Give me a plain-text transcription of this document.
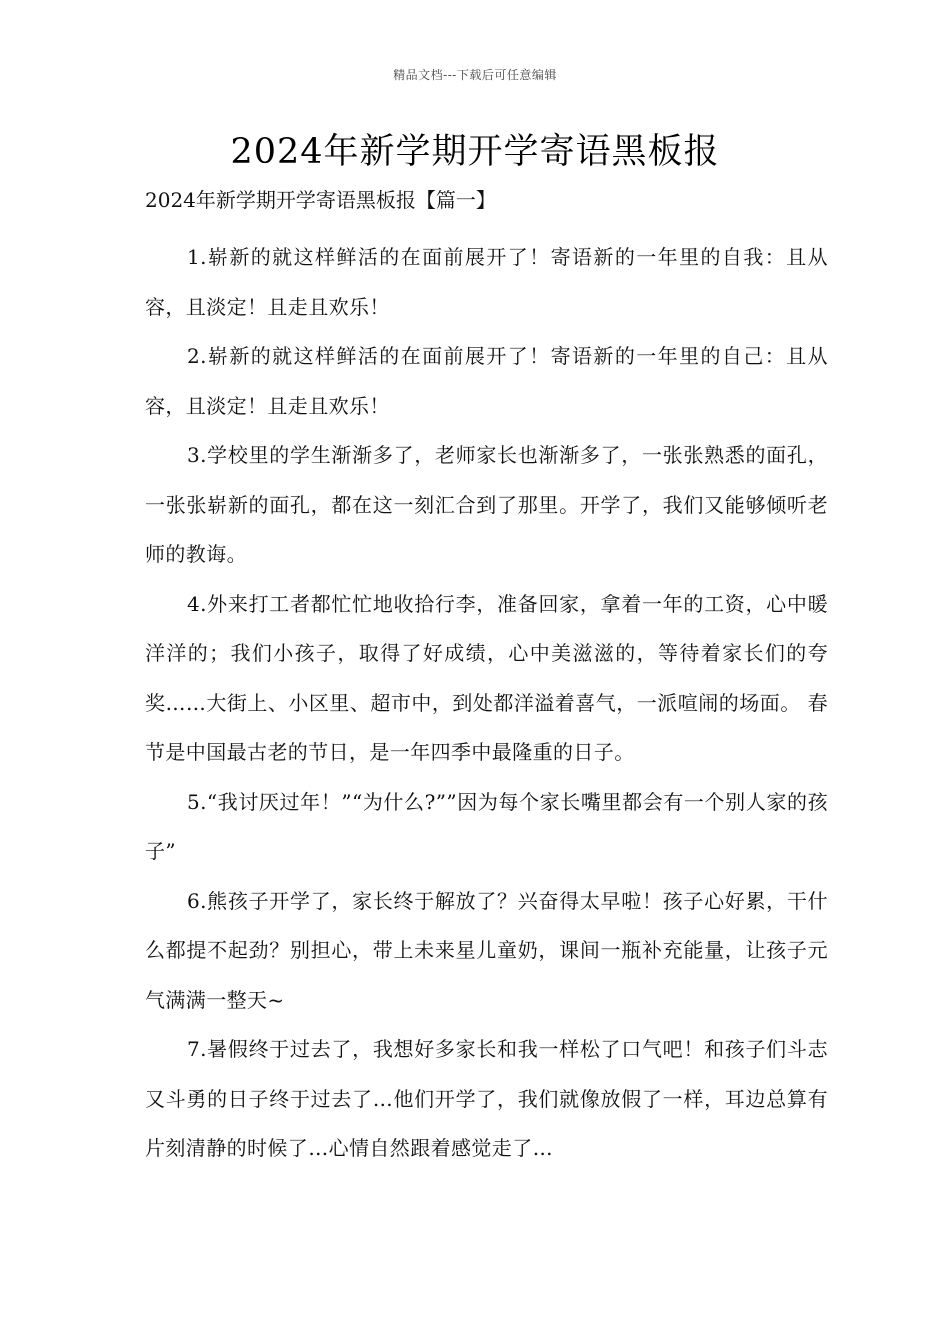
精品文档---下载后可任意编辑
2024年新学期开学寄语黑板报
2024年新学期开学寄语黑板报【篇一】

1.崭新的就这样鲜活的在面前展开了！寄语新的一年里的自我：且从容，且淡定！且走且欢乐！

2.崭新的就这样鲜活的在面前展开了！寄语新的一年里的自己：且从容，且淡定！且走且欢乐！

3.学校里的学生渐渐多了，老师家长也渐渐多了，一张张熟悉的面孔，一张张崭新的面孔，都在这一刻汇合到了那里。开学了，我们又能够倾听老师的教诲。

4.外来打工者都忙忙地收拾行李，准备回家，拿着一年的工资，心中暖洋洋的；我们小孩子，取得了好成绩，心中美滋滋的，等待着家长们的夸奖……大街上、小区里、超市中，到处都洋溢着喜气，一派喧闹的场面。 春节是中国最古老的节日，是一年四季中最隆重的日子。

5.“我讨厌过年！”“为什么?””因为每个家长嘴里都会有一个别人家的孩子”

6.熊孩子开学了，家长终于解放了？兴奋得太早啦！孩子心好累，干什么都提不起劲？别担心，带上未来星儿童奶，课间一瓶补充能量，让孩子元气满满一整天~

7.暑假终于过去了，我想好多家长和我一样松了口气吧！和孩子们斗志又斗勇的日子终于过去了…他们开学了，我们就像放假了一样，耳边总算有片刻清静的时候了…心情自然跟着感觉走了…
